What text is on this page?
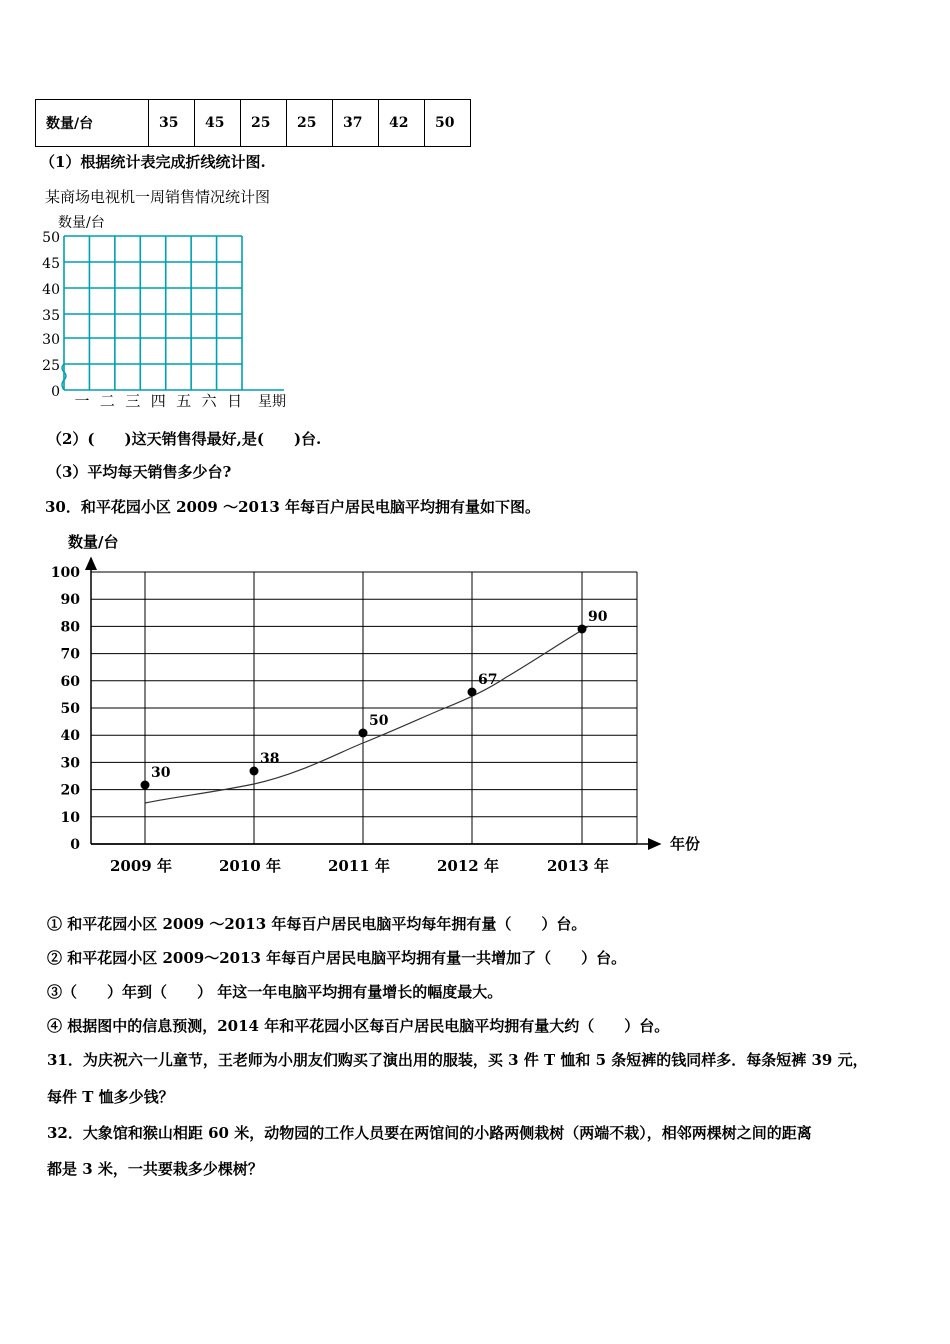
数量/台	35	45	25	25	37	42	50
（1）根据统计表完成折线统计图.
某商场电视机一周销售情况统计图
数量/台
50
45
40
35
30
25
0 一 二 三 四 五 六 日 星期
（2）(　　)这天销售得最好,是(　　)台.
（3）平均每天销售多少台?
30．和平花园小区 2009 ～2013 年每百户居民电脑平均拥有量如下图。
数量/台
100
90
80
70
60
50
40
30
20
10
0
2009 年	2010 年	2011 年	2012 年	2013 年
30
38
50
67
90
年份
① 和平花园小区 2009 ～2013 年每百户居民电脑平均每年拥有量（　　）台。
② 和平花园小区 2009～2013 年每百户居民电脑平均拥有量一共增加了（　　）台。
③（　　）年到（　　） 年这一年电脑平均拥有量增长的幅度最大。
④ 根据图中的信息预测，2014 年和平花园小区每百户居民电脑平均拥有量大约（　　）台。
31．为庆祝六一儿童节，王老师为小朋友们购买了演出用的服装，买 3 件 T 恤和 5 条短裤的钱同样多．每条短裤 39 元，
每件 T 恤多少钱？
32．大象馆和猴山相距 60 米，动物园的工作人员要在两馆间的小路两侧栽树（两端不栽），相邻两棵树之间的距离
都是 3 米，一共要栽多少棵树？
